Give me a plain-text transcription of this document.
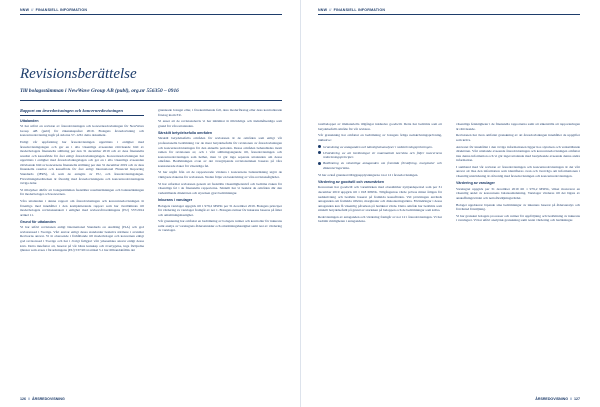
NNW // FINANSIELL INFORMATION	NNW // FINANSIELL INFORMATION
Revisionsberättelse
Till bolagsstämman i NewWave Group AB (publ), org.nr 556350 – 0916
Rapport om årsredovisningen och koncernredovisningen
Uttalanden

Vi har utfört en revision av årsredovisningen och koncernredovisningen för NewWave Group AB (publ) för räkenskapsåret 2019. Bolagets årsredovisning och koncernredovisning ingår på sidorna 57–126 i detta dokument.

Enligt vår uppfattning har årsredovisningen upprättats i enlighet med årsredovisningslagen och ger en i alla väsentliga avseenden rättvisande bild av moderbolagets finansiella ställning per den 31 december 2019 och av dess finansiella resultat och kassaflöde för året enligt årsredovisningslagen. Koncernredovisningen har upprättats i enlighet med årsredovisningslagen och ger en i alla väsentliga avseenden rättvisande bild av koncernens finansiella ställning per den 31 december 2019 och av dess finansiella resultat och kassaflöde för året enligt International Financial Reporting Standards (IFRS), så som de antagits av EU, och årsredovisningslagen. Förvaltningsberättelsen är förenlig med årsredovisningens och koncernredovisningens övriga delar.

Vi tillstyrker därför att bolagsstämman fastställer resultaträkningen och balansräkningen för moderbolaget och koncernen.

Våra uttalanden i denna rapport om årsredovisningen och koncernredovisningen är förenliga med innehållet i den kompletterande rapport som har överlämnats till moderbolagets revisionsutskott i enlighet med revisorsförordningens (EU) 537/2014 artikel 11.

Grund för uttalanden

Vi har utfört revisionen enligt International Standards on Auditing (ISA) och god revisionssed i Sverige. Vårt ansvar enligt dessa standarder beskrivs närmare i avsnittet Revisorns ansvar. Vi är oberoende i förhållande till moderbolaget och koncernen enligt god revisorssed i Sverige och har i övrigt fullgjort vårt yrkesetiska ansvar enligt dessa krav. Detta innefattar att, baserat på vår bästa kunskap och övertygelse, inga förbjudna tjänster som avses i förordningens (EU) 537/2014 artikel 5.1 har tillhandahållits det

granskade bolaget eller, i förekommande fall, dess moderföretag eller dess kontrollerade företag inom EU.

Vi anser att de revisionsbevis vi har inhämtat är tillräckliga och ändamålsenliga som grund för våra uttalanden.

Särskilt betydelsefulla områden

Särskilt betydelsefulla områden för revisionen är de områden som enligt vår professionella bedömning var de mest betydelsefulla för revisionen av årsredovisningen och koncernredovisningen för den aktuella perioden. Dessa områden behandlades inom ramen för revisionen av, och i vårt ställningstagande till, årsredovisningen och koncernredovisningen som helhet, men vi gör inga separata uttalanden om dessa områden. Bedömningen ovan av det övergripande revisionsrisken baseras på våra konstaterade risker för väsentliga fel.

Vi har utgått från att de rapporterade värdena i koncernens balansräkning utgör de viktigaste riskerna för revisionen. Nedan följer en beskrivning av våra revisionsåtgärder.

Vi har utformat revisionen genom att fastställa väsentlighetsnivå och bedöma risken för väsentliga fel i de finansiella rapporterna. Särskilt har vi beaktat de områden där den verkställande direktören och styrelsen gjort bedömningar.

Inkurans i varulager

Bolagets varulager uppgick till 1 979,2 MSEK per 31 december 2019. Bolagets principer för värdering av varulager framgår av not 1. Bolagets rutiner för inkurans baseras på ålder och omsättningshastighet.

Vår granskning har omfattat en bedömning av bolagets rutiner och kontroller för inkurans samt analys av varulagrets åldersstruktur och omsättningshastighet samt test av värdering av varulager.

totalbeloppet av immateriella tillgångar inklusive goodwill. Detta har bedömts som ett betydelsefullt område för vår revision.

Vår granskning har omfattat en bedömning av bolagets årliga nedskrivningsprövning, inklusive:

Granskning av antaganden och känslighetsanalyser i nedskrivningsprövningen.
Utvärdering av att beräkningar är matematiskt korrekta och följer koncernens redovisningsprinciper.
Bedömning av väsentliga antaganden om framtida försäljning, marginaler och diskonteringsränta.

Vi har också granskat tilläggsupplysningarna i not 12 i årsredovisningen.

Värdering av goodwill och varumärken

Koncernen har goodwill och varumärken med obestämbar nyttjandeperiod som per 31 december 2019 uppgick till 1 018 MSEK. Tillgångarnas värde prövas minst årligen för nedskrivning och bedöms baserat på framtida kassaflöden. Vid prövningen används antaganden om framtida tillväxt, marginaler och diskonteringsränta. Förändringar i dessa antaganden kan få väsentlig påverkan på beräknat värde. Detta område har bedömts som särskilt betydelsefullt på grund av storleken på beloppen och de bedömningar som krävs.

Redovisningen av antaganden och värdering framgår av not 12 i årsredovisningen. Vi har bedömt rimligheten i antagandena.

väsentliga felaktigheter i de finansiella rapporterna samt att säkerställa att rapporteringen är rättvisande.

Revisionen har även omfattat granskning av att årsredovisningen innehåller de uppgifter som krävs.

Ansvaret för innehållet i den övriga informationen ligger hos styrelsen och verkställande direktören. Vårt uttalande avseende årsredovisningen och koncernredovisningen omfattar inte denna information och vi gör inget uttalande med bestyrkande avseende denna andra information.

I samband med vår revision av årsredovisningen och koncernredovisningen är det vårt ansvar att läsa den information som identifieras ovan och överväga om informationen i väsentlig utsträckning är oförenlig med årsredovisningen och koncernredovisningen.

Värdering av varulager

Varulagret uppgick per 31 december 2019 till 1 979,2 MSEK, vilket motsvarar en väsentlig andel av koncernens balansomslutning. Varulager värderas till det lägsta av anskaffningsvärdet och nettoförsäljningsvärdet.

Bolaget uppdaterar löpande sina bedömningar av inkurans baserat på åldersanalys och förväntad försäljning.

Vi har granskat bolagets processer och rutiner för uppföljning och bedömning av inkurans i varulagret. Vi har utfört analytisk granskning samt testat värdering och beräkningar.

126 // ÅRSREDOVISNING	ÅRSREDOVISNING // 127
